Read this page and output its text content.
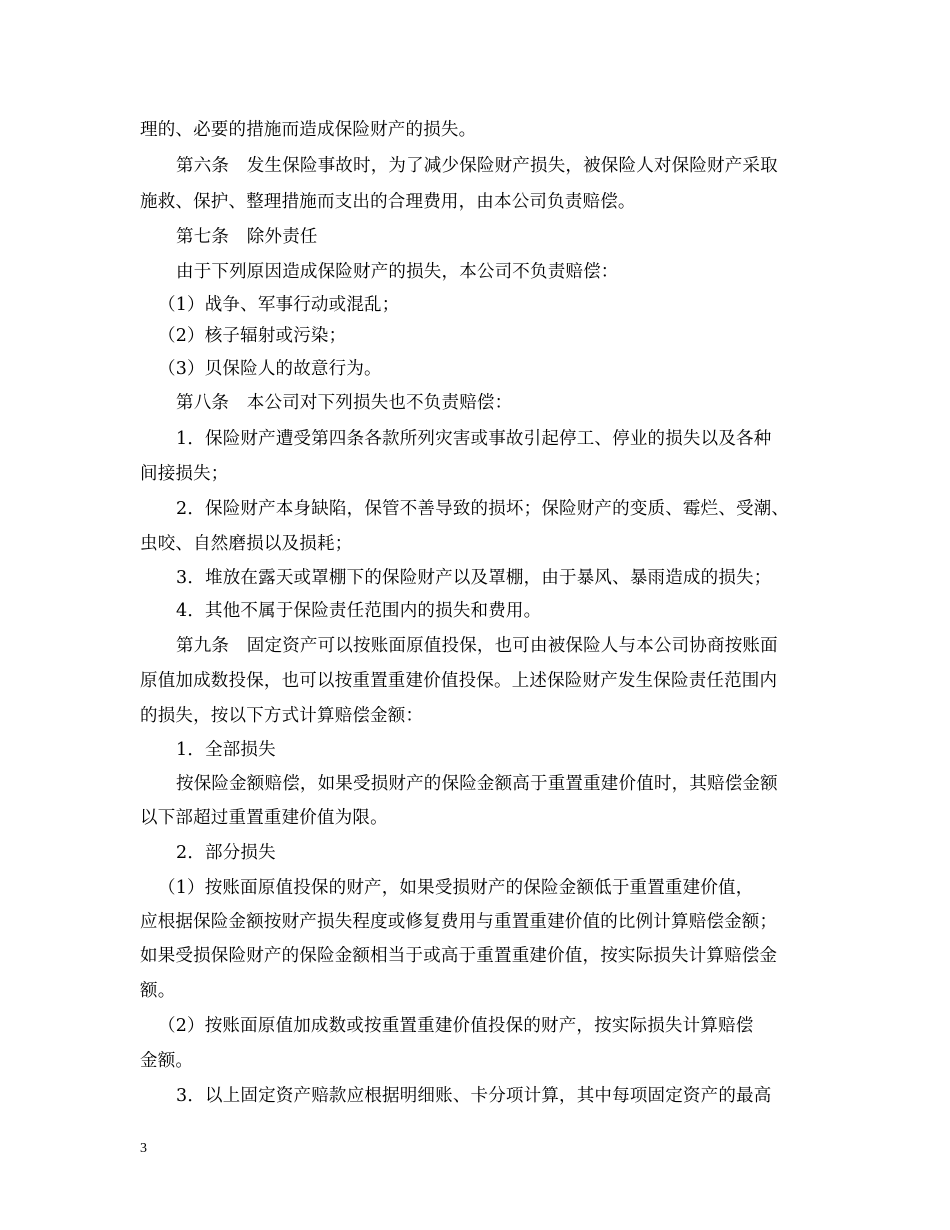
理的、必要的措施而造成保险财产的损失。
第六条　发生保险事故时，为了减少保险财产损失，被保险人对保险财产采取
施救、保护、整理措施而支出的合理费用，由本公司负责赔偿。
第七条　除外责任
由于下列原因造成保险财产的损失，本公司不负责赔偿：
（1）战争、军事行动或混乱；
（2）核子辐射或污染；
（3）贝保险人的故意行为。
第八条　本公司对下列损失也不负责赔偿：
1．保险财产遭受第四条各款所列灾害或事故引起停工、停业的损失以及各种
间接损失；
2．保险财产本身缺陷，保管不善导致的损坏；保险财产的变质、霉烂、受潮、
虫咬、自然磨损以及损耗；
3．堆放在露天或罩棚下的保险财产以及罩棚，由于暴风、暴雨造成的损失；
4．其他不属于保险责任范围内的损失和费用。
第九条　固定资产可以按账面原值投保，也可由被保险人与本公司协商按账面
原值加成数投保，也可以按重置重建价值投保。上述保险财产发生保险责任范围内
的损失，按以下方式计算赔偿金额：
1．全部损失
按保险金额赔偿，如果受损财产的保险金额高于重置重建价值时，其赔偿金额
以下部超过重置重建价值为限。
2．部分损失
（1）按账面原值投保的财产，如果受损财产的保险金额低于重置重建价值，
应根据保险金额按财产损失程度或修复费用与重置重建价值的比例计算赔偿金额；
如果受损保险财产的保险金额相当于或高于重置重建价值，按实际损失计算赔偿金
额。
（2）按账面原值加成数或按重置重建价值投保的财产，按实际损失计算赔偿
金额。
3．以上固定资产赔款应根据明细账、卡分项计算，其中每项固定资产的最高
3
